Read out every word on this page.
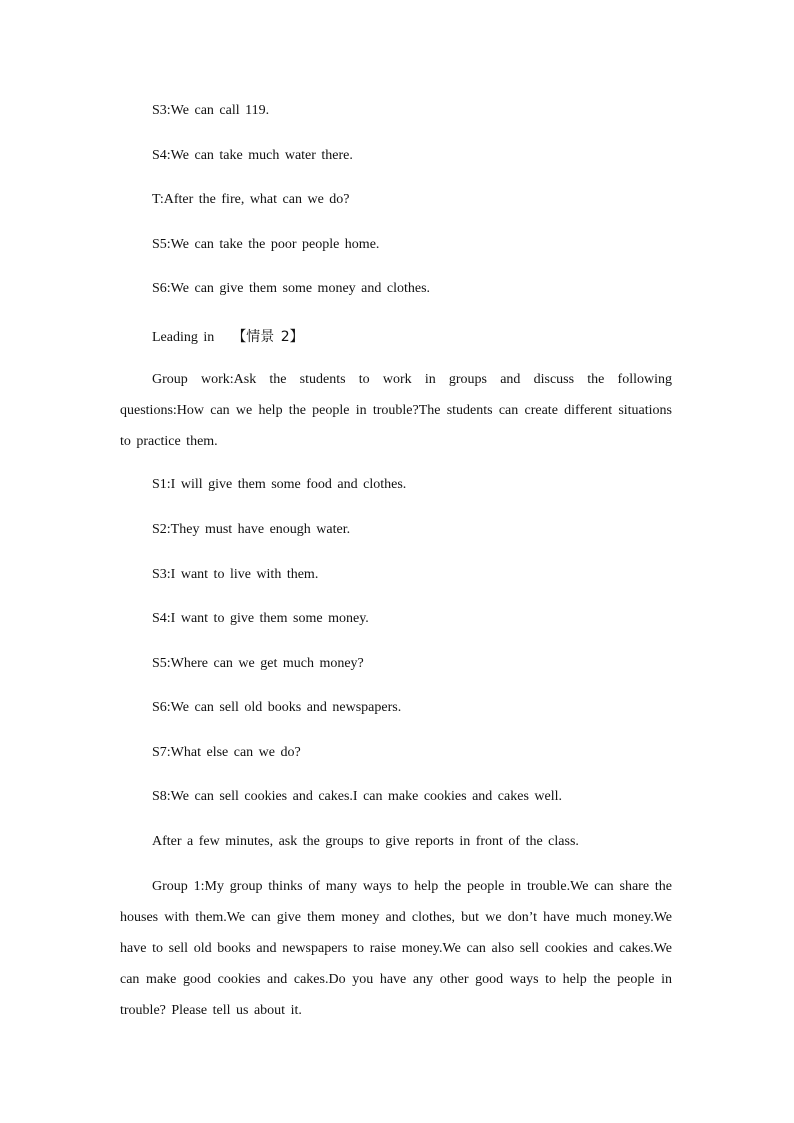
S3:We can call 119.
S4:We can take much water there.
T:After the fire, what can we do?
S5:We can take the poor people home.
S6:We can give them some money and clothes.
Leading in 【情景 2】
Group work:Ask the students to work in groups and discuss the following questions:How can we help the people in trouble?The students can create different situations to practice them.
S1:I will give them some food and clothes.
S2:They must have enough water.
S3:I want to live with them.
S4:I want to give them some money.
S5:Where can we get much money?
S6:We can sell old books and newspapers.
S7:What else can we do?
S8:We can sell cookies and cakes.I can make cookies and cakes well.
After a few minutes, ask the groups to give reports in front of the class.
Group 1:My group thinks of many ways to help the people in trouble.We can share the houses with them.We can give them money and clothes, but we don’t have much money.We have to sell old books and newspapers to raise money.We can also sell cookies and cakes.We can make good cookies and cakes.Do you have any other good ways to help the people in trouble? Please tell us about it.
